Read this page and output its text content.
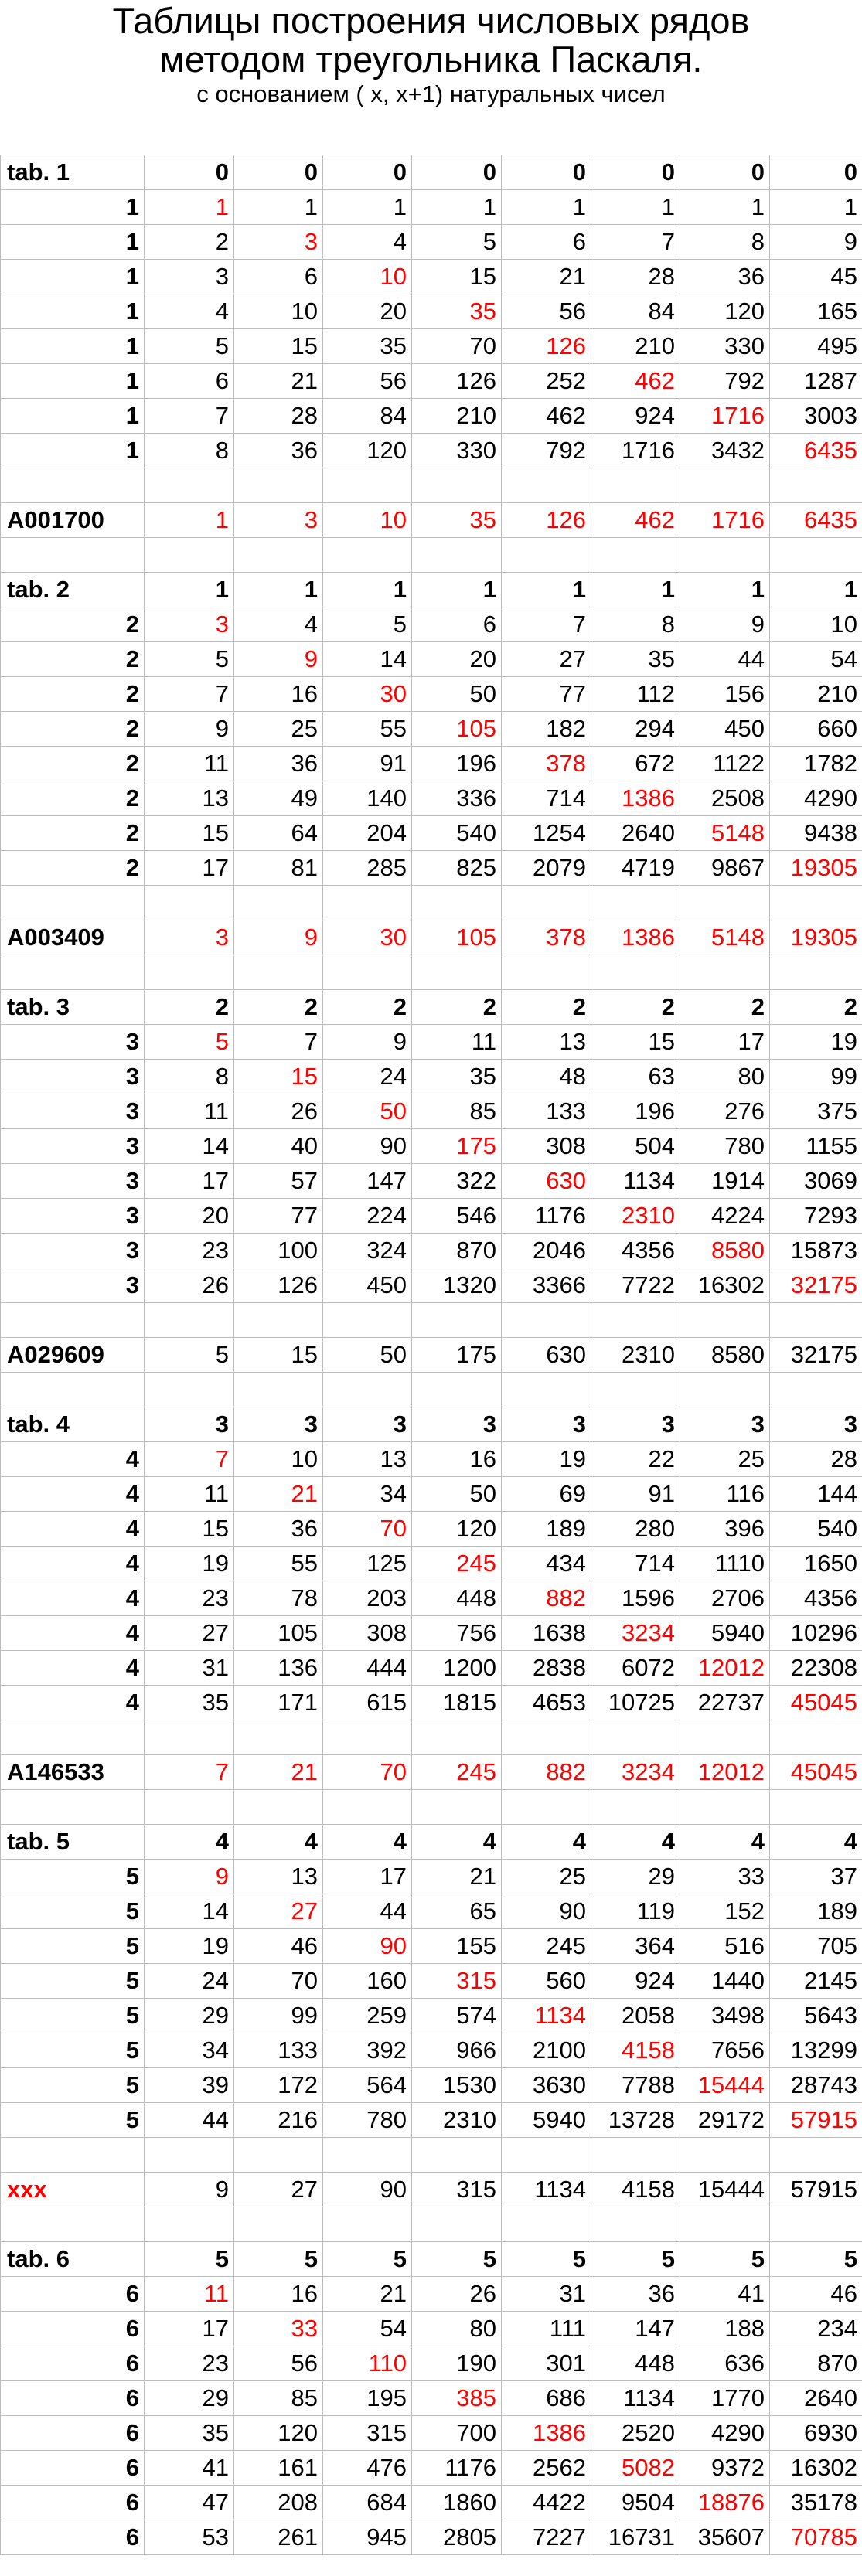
Таблицы построения числовых рядов
методом треугольника Паскаля.
с основанием ( х, х+1) натуральных чисел
tab. 1	0	0	0	0	0	0	0	0
1	1	1	1	1	1	1	1	1
1	2	3	4	5	6	7	8	9
1	3	6	10	15	21	28	36	45
1	4	10	20	35	56	84	120	165
1	5	15	35	70	126	210	330	495
1	6	21	56	126	252	462	792	1287
1	7	28	84	210	462	924	1716	3003
1	8	36	120	330	792	1716	3432	6435

A001700	1	3	10	35	126	462	1716	6435

tab. 2	1	1	1	1	1	1	1	1
2	3	4	5	6	7	8	9	10
2	5	9	14	20	27	35	44	54
2	7	16	30	50	77	112	156	210
2	9	25	55	105	182	294	450	660
2	11	36	91	196	378	672	1122	1782
2	13	49	140	336	714	1386	2508	4290
2	15	64	204	540	1254	2640	5148	9438
2	17	81	285	825	2079	4719	9867	19305

A003409	3	9	30	105	378	1386	5148	19305

tab. 3	2	2	2	2	2	2	2	2
3	5	7	9	11	13	15	17	19
3	8	15	24	35	48	63	80	99
3	11	26	50	85	133	196	276	375
3	14	40	90	175	308	504	780	1155
3	17	57	147	322	630	1134	1914	3069
3	20	77	224	546	1176	2310	4224	7293
3	23	100	324	870	2046	4356	8580	15873
3	26	126	450	1320	3366	7722	16302	32175

A029609	5	15	50	175	630	2310	8580	32175

tab. 4	3	3	3	3	3	3	3	3
4	7	10	13	16	19	22	25	28
4	11	21	34	50	69	91	116	144
4	15	36	70	120	189	280	396	540
4	19	55	125	245	434	714	1110	1650
4	23	78	203	448	882	1596	2706	4356
4	27	105	308	756	1638	3234	5940	10296
4	31	136	444	1200	2838	6072	12012	22308
4	35	171	615	1815	4653	10725	22737	45045

A146533	7	21	70	245	882	3234	12012	45045

tab. 5	4	4	4	4	4	4	4	4
5	9	13	17	21	25	29	33	37
5	14	27	44	65	90	119	152	189
5	19	46	90	155	245	364	516	705
5	24	70	160	315	560	924	1440	2145
5	29	99	259	574	1134	2058	3498	5643
5	34	133	392	966	2100	4158	7656	13299
5	39	172	564	1530	3630	7788	15444	28743
5	44	216	780	2310	5940	13728	29172	57915

xxx	9	27	90	315	1134	4158	15444	57915

tab. 6	5	5	5	5	5	5	5	5
6	11	16	21	26	31	36	41	46
6	17	33	54	80	111	147	188	234
6	23	56	110	190	301	448	636	870
6	29	85	195	385	686	1134	1770	2640
6	35	120	315	700	1386	2520	4290	6930
6	41	161	476	1176	2562	5082	9372	16302
6	47	208	684	1860	4422	9504	18876	35178
6	53	261	945	2805	7227	16731	35607	70785
